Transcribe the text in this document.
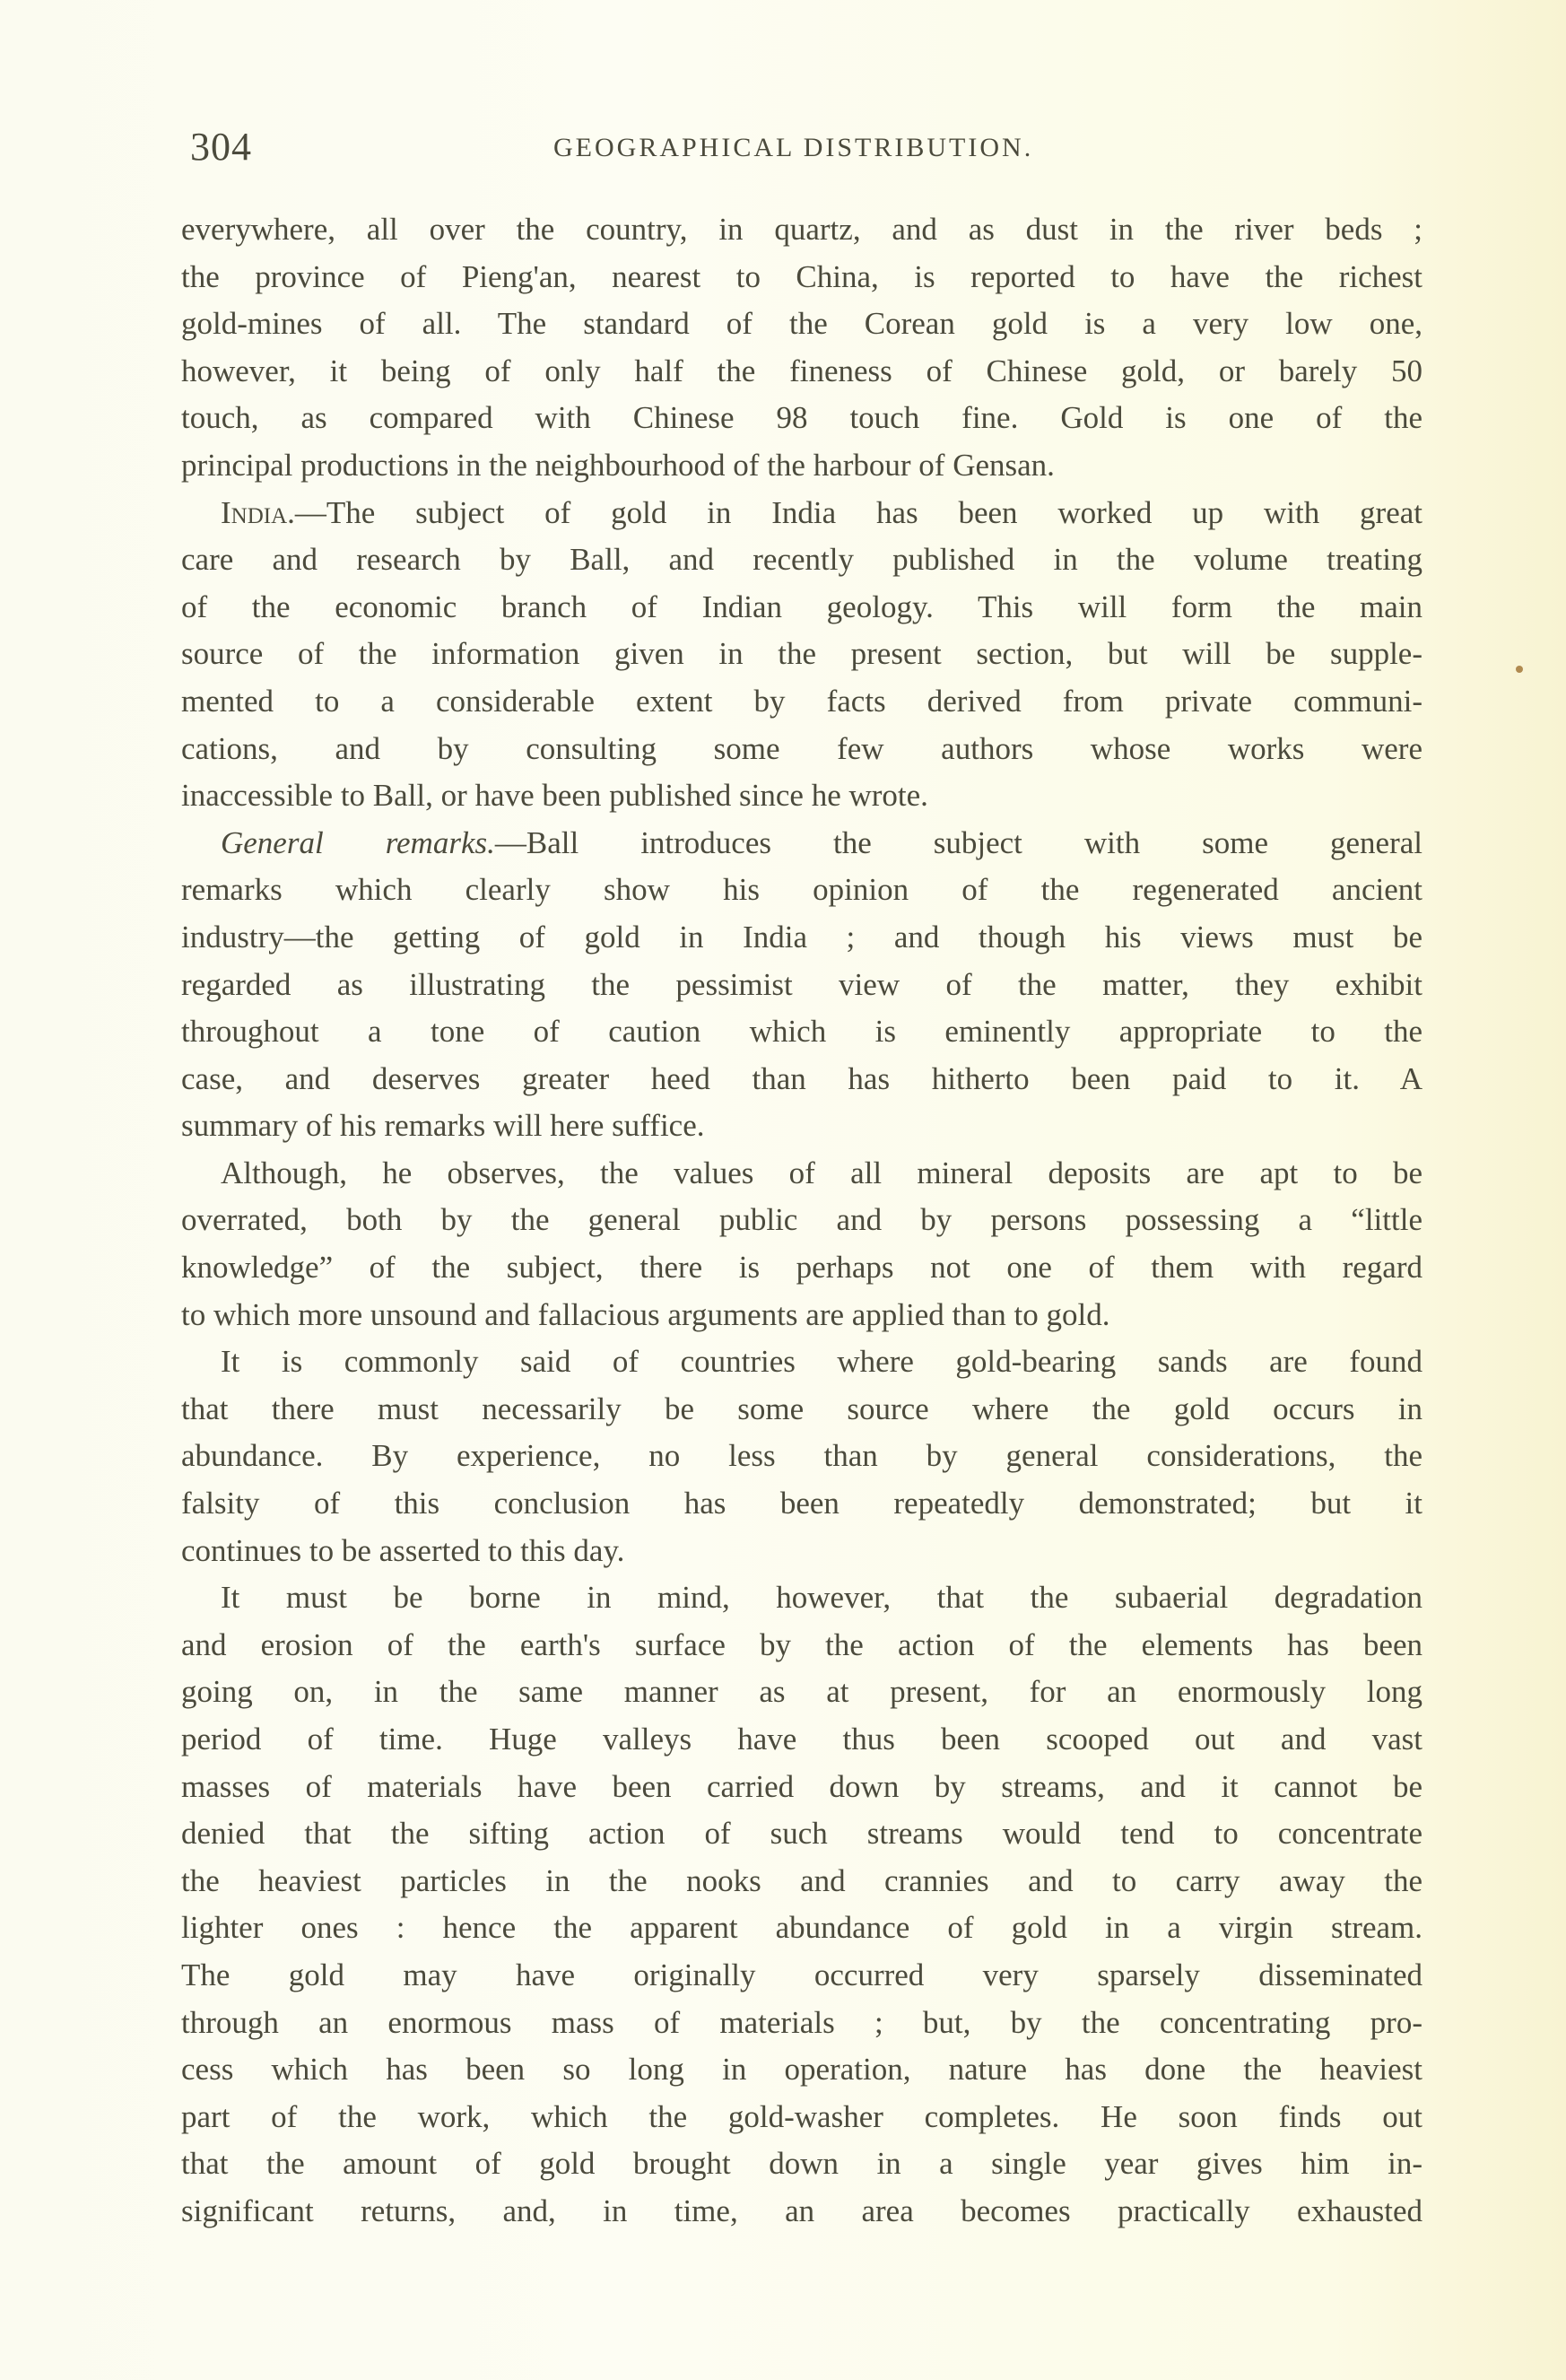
304	GEOGRAPHICAL DISTRIBUTION.
everywhere, all over the country, in quartz, and as dust in the river beds ;
the province of Pieng'an, nearest to China, is reported to have the richest
gold-mines of all. The standard of the Corean gold is a very low one,
however, it being of only half the fineness of Chinese gold, or barely 50
touch, as compared with Chinese 98 touch fine. Gold is one of the
principal productions in the neighbourhood of the harbour of Gensan.
India.—The subject of gold in India has been worked up with great
care and research by Ball, and recently published in the volume treating
of the economic branch of Indian geology. This will form the main
source of the information given in the present section, but will be supple-
mented to a considerable extent by facts derived from private communi-
cations, and by consulting some few authors whose works were
inaccessible to Ball, or have been published since he wrote.
General remarks.—Ball introduces the subject with some general
remarks which clearly show his opinion of the regenerated ancient
industry—the getting of gold in India ; and though his views must be
regarded as illustrating the pessimist view of the matter, they exhibit
throughout a tone of caution which is eminently appropriate to the
case, and deserves greater heed than has hitherto been paid to it. A
summary of his remarks will here suffice.
Although, he observes, the values of all mineral deposits are apt to be
overrated, both by the general public and by persons possessing a “little
knowledge” of the subject, there is perhaps not one of them with regard
to which more unsound and fallacious arguments are applied than to gold.
It is commonly said of countries where gold-bearing sands are found
that there must necessarily be some source where the gold occurs in
abundance. By experience, no less than by general considerations, the
falsity of this conclusion has been repeatedly demonstrated; but it
continues to be asserted to this day.
It must be borne in mind, however, that the subaerial degradation
and erosion of the earth's surface by the action of the elements has been
going on, in the same manner as at present, for an enormously long
period of time. Huge valleys have thus been scooped out and vast
masses of materials have been carried down by streams, and it cannot be
denied that the sifting action of such streams would tend to concentrate
the heaviest particles in the nooks and crannies and to carry away the
lighter ones : hence the apparent abundance of gold in a virgin stream.
The gold may have originally occurred very sparsely disseminated
through an enormous mass of materials ; but, by the concentrating pro-
cess which has been so long in operation, nature has done the heaviest
part of the work, which the gold-washer completes. He soon finds out
that the amount of gold brought down in a single year gives him in-
significant returns, and, in time, an area becomes practically exhausted
